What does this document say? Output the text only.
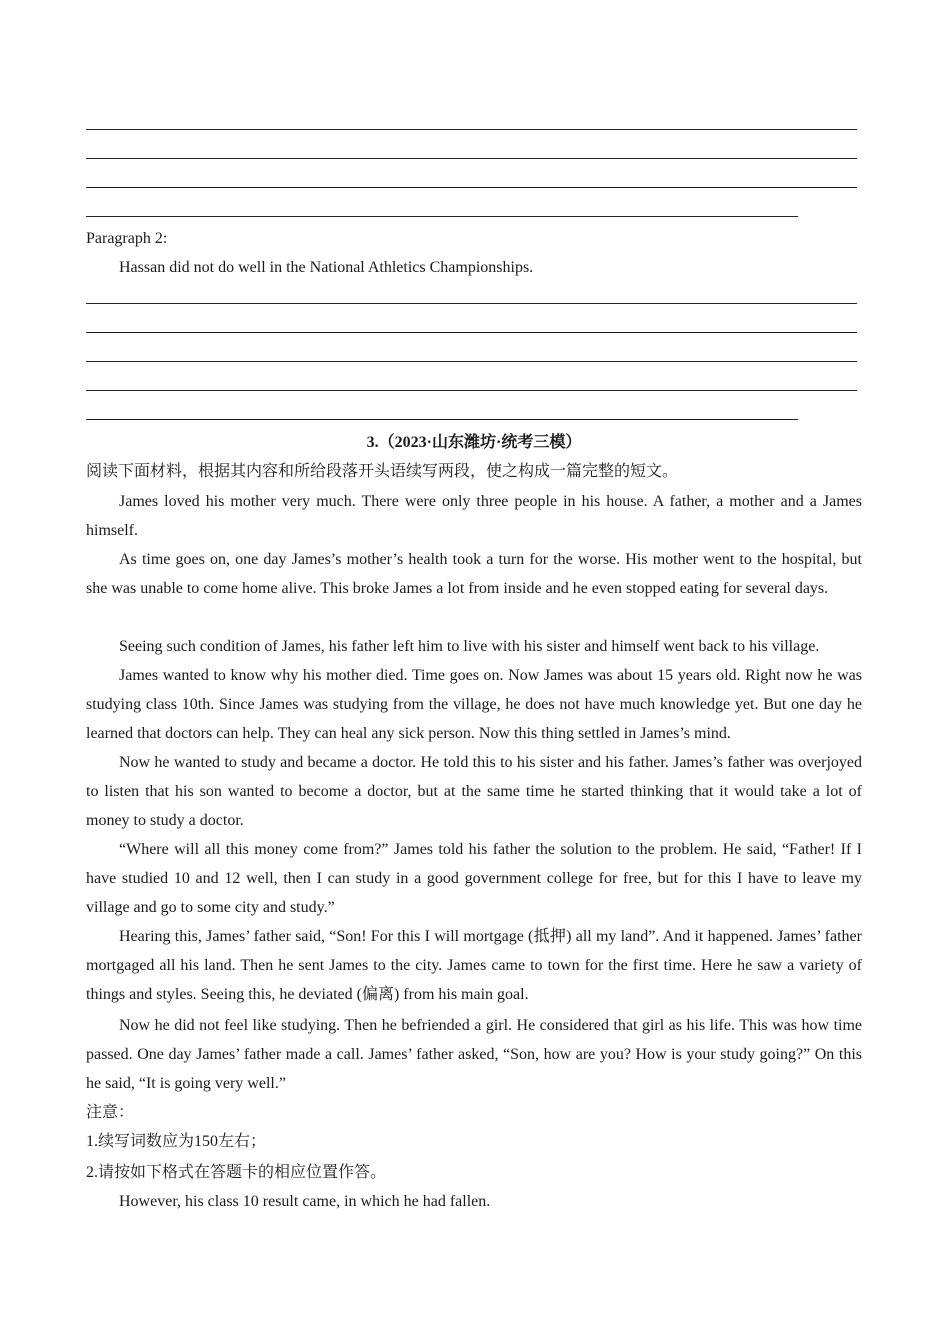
Paragraph 2:
Hassan did not do well in the National Athletics Championships.
3.（2023·山东潍坊·统考三模）
阅读下面材料，根据其内容和所给段落开头语续写两段，使之构成一篇完整的短文。

James loved his mother very much. There were only three people in his house. A father, a mother and a James himself.

As time goes on, one day James’s mother’s health took a turn for the worse. His mother went to the hospital, but she was unable to come home alive. This broke James a lot from inside and he even stopped eating for several days.

Seeing such condition of James, his father left him to live with his sister and himself went back to his village.

James wanted to know why his mother died. Time goes on. Now James was about 15 years old. Right now he was studying class 10th. Since James was studying from the village, he does not have much knowledge yet. But one day he learned that doctors can help. They can heal any sick person. Now this thing settled in James’s mind.

Now he wanted to study and became a doctor. He told this to his sister and his father. James’s father was overjoyed to listen that his son wanted to become a doctor, but at the same time he started thinking that it would take a lot of money to study a doctor.

“Where will all this money come from?” James told his father the solution to the problem. He said, “Father! If I have studied 10 and 12 well, then I can study in a good government college for free, but for this I have to leave my village and go to some city and study.”

Hearing this, James’ father said, “Son! For this I will mortgage (抵押) all my land”. And it happened. James’ father mortgaged all his land. Then he sent James to the city. James came to town for the first time. Here he saw a variety of things and styles. Seeing this, he deviated (偏离) from his main goal.

Now he did not feel like studying. Then he befriended a girl. He considered that girl as his life. This was how time passed. One day James’ father made a call. James’ father asked, “Son, how are you? How is your study going?” On this he said, “It is going very well.”

注意：
1.续写词数应为150左右；
2.请按如下格式在答题卡的相应位置作答。
However, his class 10 result came, in which he had fallen.
